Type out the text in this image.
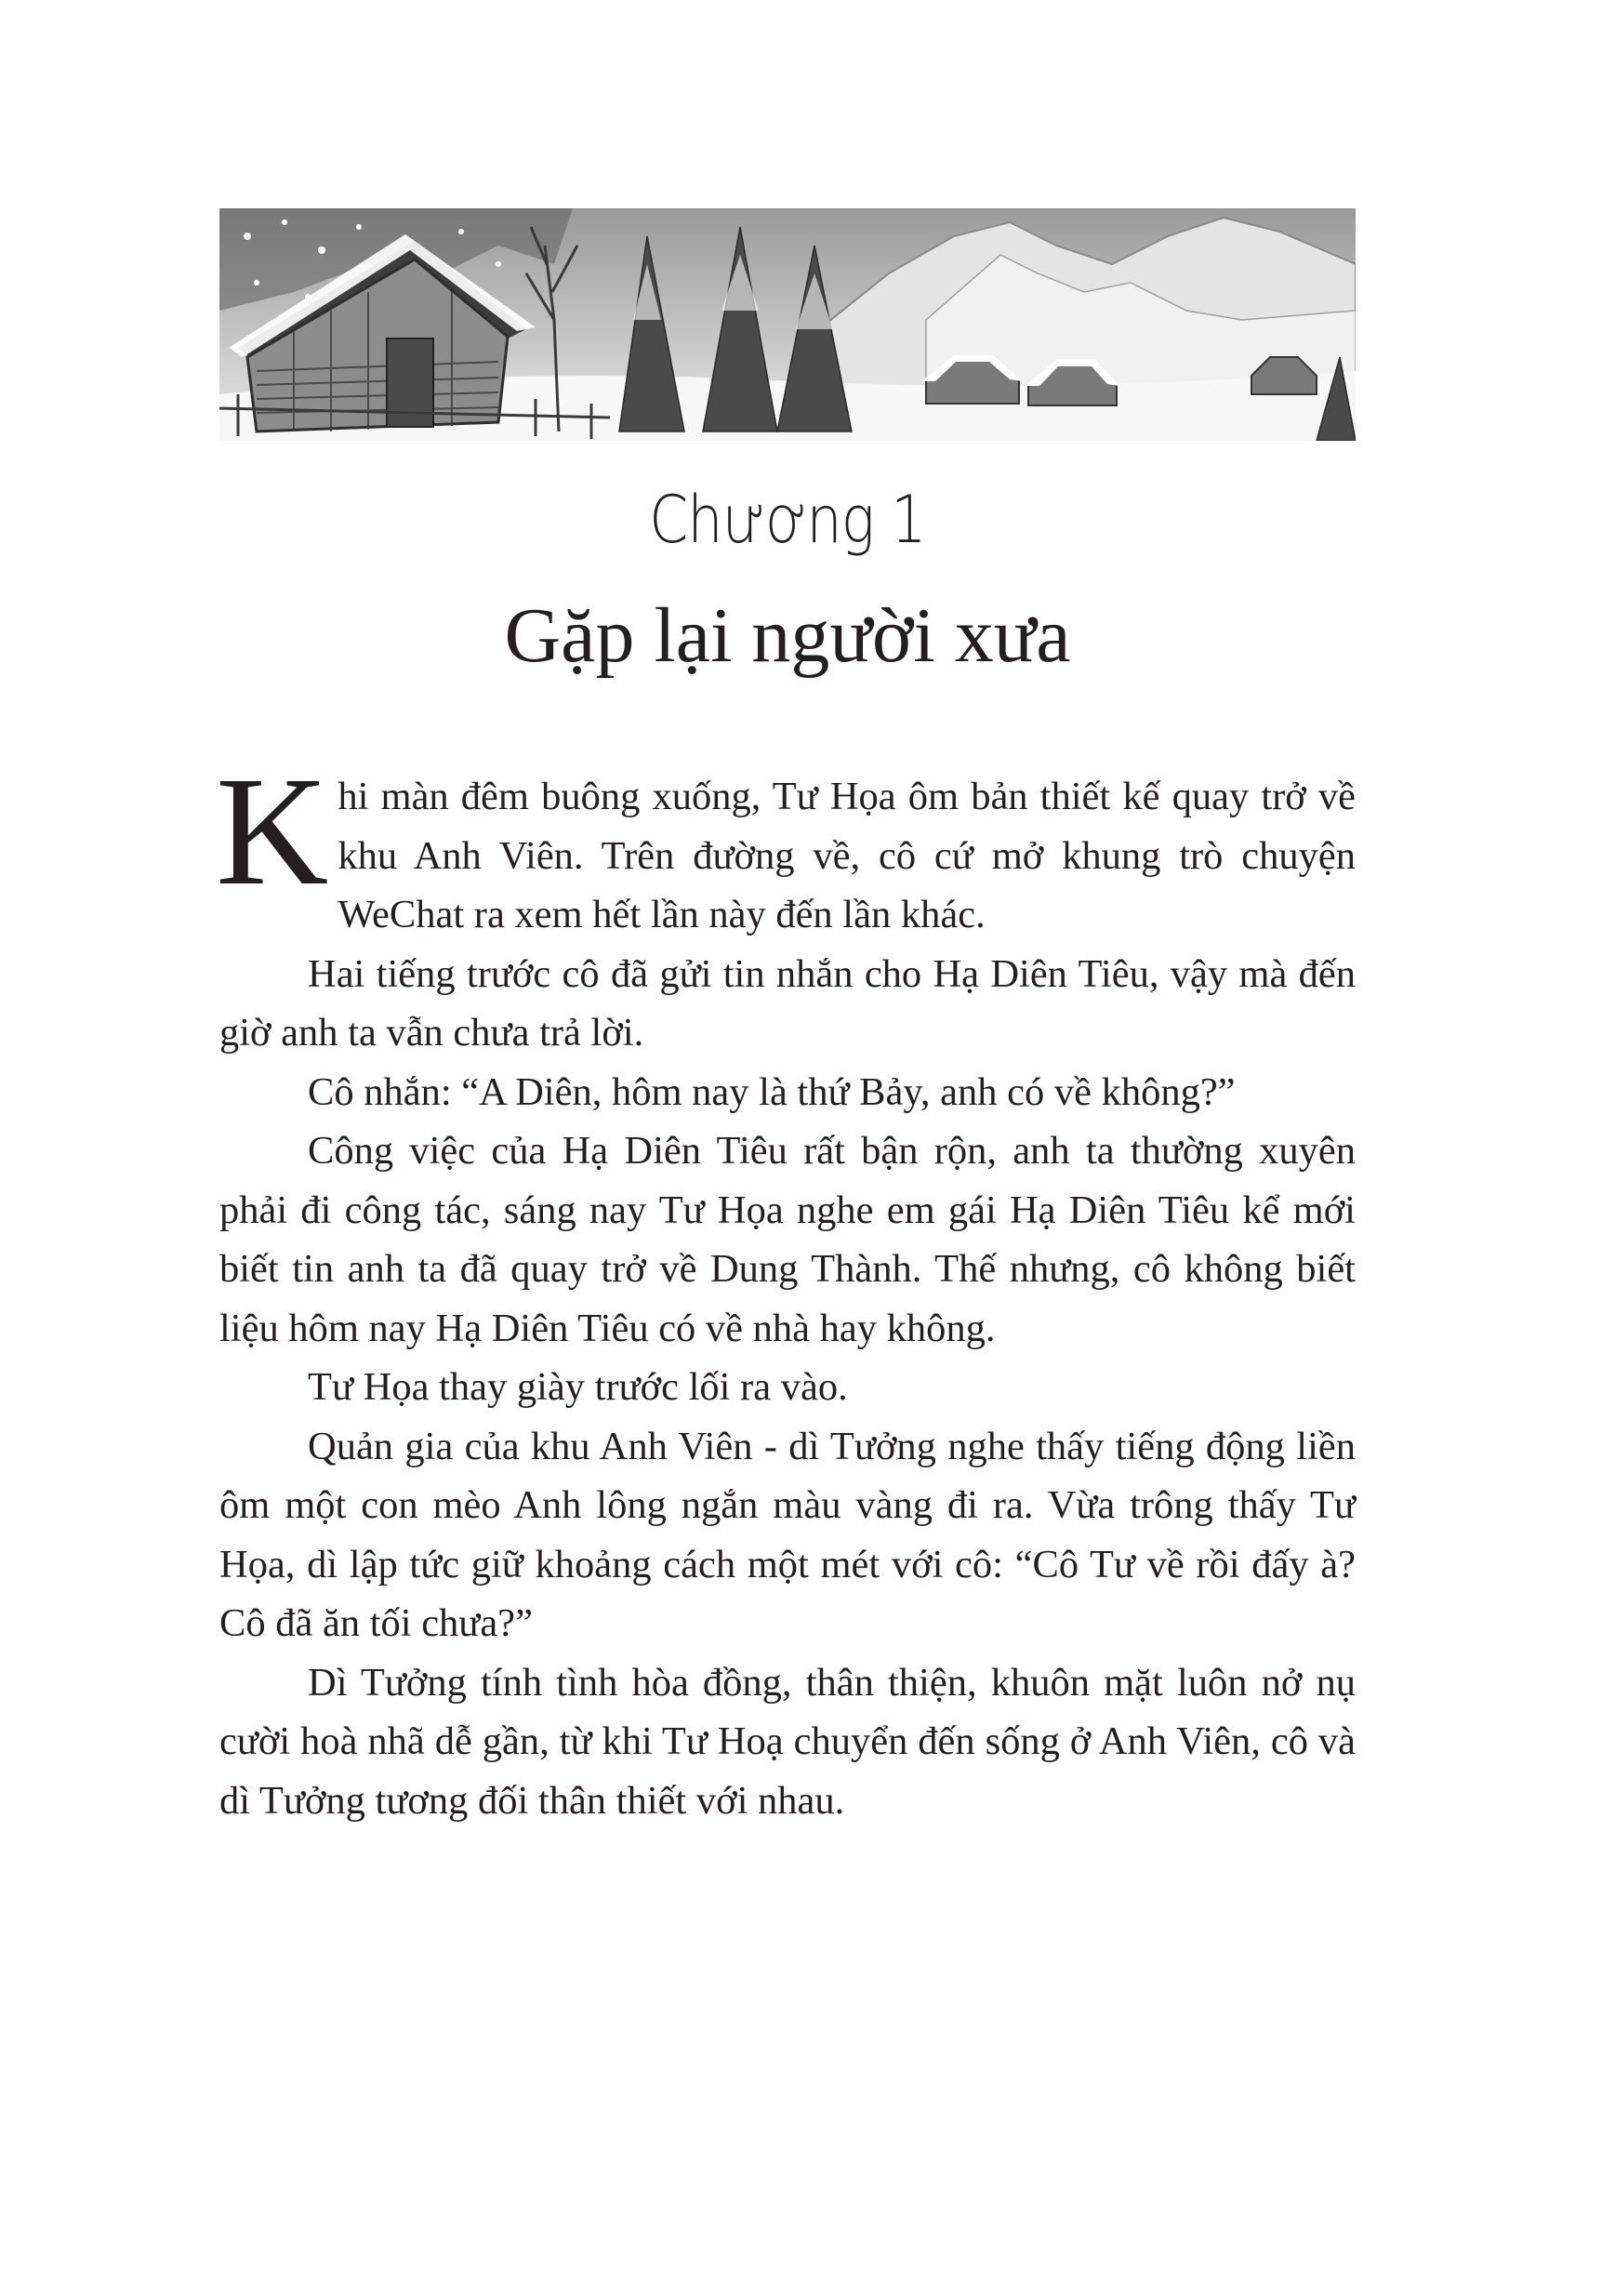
Chương 1
Gặp lại người xưa

Khi màn đêm buông xuống, Tư Họa ôm bản thiết kế quay trở về khu Anh Viên. Trên đường về, cô cứ mở khung trò chuyện WeChat ra xem hết lần này đến lần khác.

Hai tiếng trước cô đã gửi tin nhắn cho Hạ Diên Tiêu, vậy mà đến giờ anh ta vẫn chưa trả lời.

Cô nhắn: “A Diên, hôm nay là thứ Bảy, anh có về không?”

Công việc của Hạ Diên Tiêu rất bận rộn, anh ta thường xuyên phải đi công tác, sáng nay Tư Họa nghe em gái Hạ Diên Tiêu kể mới biết tin anh ta đã quay trở về Dung Thành. Thế nhưng, cô không biết liệu hôm nay Hạ Diên Tiêu có về nhà hay không.

Tư Họa thay giày trước lối ra vào.

Quản gia của khu Anh Viên - dì Tưởng nghe thấy tiếng động liền ôm một con mèo Anh lông ngắn màu vàng đi ra. Vừa trông thấy Tư Họa, dì lập tức giữ khoảng cách một mét với cô: “Cô Tư về rồi đấy à? Cô đã ăn tối chưa?”

Dì Tưởng tính tình hòa đồng, thân thiện, khuôn mặt luôn nở nụ cười hoà nhã dễ gần, từ khi Tư Hoạ chuyển đến sống ở Anh Viên, cô và dì Tưởng tương đối thân thiết với nhau.
